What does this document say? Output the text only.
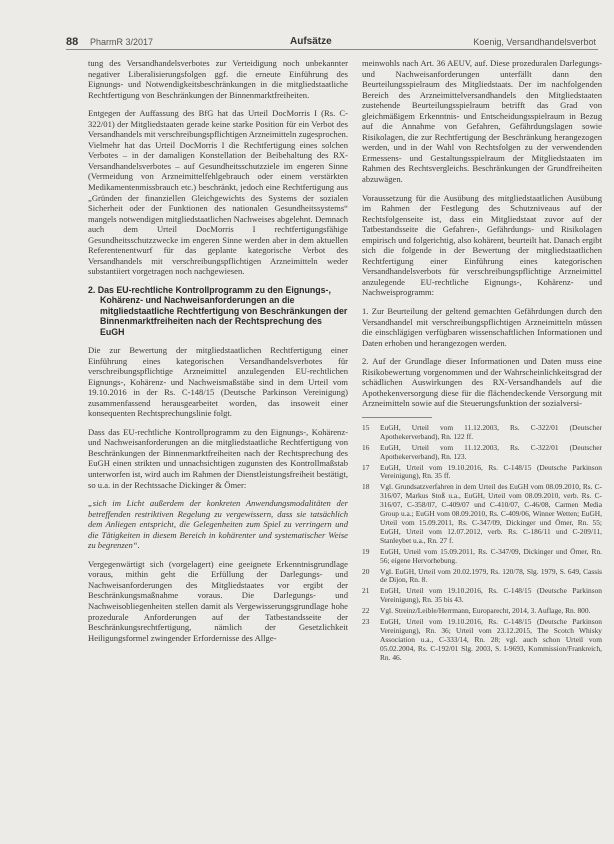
88 PharmR 3/2017	Aufsätze	Koenig, Versandhandelsverbot

tung des Versandhandelsverbotes zur Verteidigung noch unbekannter negativer Liberalisierungsfolgen ggf. die erneute Einführung des Eignungs- und Notwendigkeitsbeschränkungen in die mitgliedstaatliche Rechtfertigung von Beschränkungen der Binnenmarktfreiheiten.

Entgegen der Auffassung des BfG hat das Urteil DocMorris I (Rs. C-322/01) der Mitgliedstaaten gerade keine starke Position für ein Verbot des Versandhandels mit verschreibungspflichtigen Arzneimitteln zugesprochen. Vielmehr hat das Urteil DocMorris I die Rechtfertigung eines solchen Verbotes – in der damaligen Konstellation der Beibehaltung des RX-Versandhandelsverbotes – auf Gesundheitsschutzziele im engeren Sinne (Vermeidung von Arzneimittelfehlgebrauch oder einem verstärkten Medikamentenmissbrauch etc.) beschränkt, jedoch eine Rechtfertigung aus „Gründen der finanziellen Gleichgewichts des Systems der sozialen Sicherheit oder der Funktionen des nationalen Gesundheitssystems“ mangels notwendigen mitgliedstaatlichen Nachweises abgelehnt. Demnach auch dem Urteil DocMorris I rechtfertigungsfähige Gesundheitsschutzzwecke im engeren Sinne werden aber in dem aktuellen Referentenentwurf für das geplante kategorische Verbot des Versandhandels mit verschreibungspflichtigen Arzneimitteln weder substantiiert vorgetragen noch nachgewiesen.

2. Das EU-rechtliche Kontrollprogramm zu den Eignungs-, Kohärenz- und Nachweisanforderungen an die mitgliedstaatliche Rechtfertigung von Beschränkungen der Binnenmarktfreiheiten nach der Rechtsprechung des EuGH

Die zur Bewertung der mitgliedstaatlichen Rechtfertigung einer Einführung eines kategorischen Versandhandelsverbotes für verschreibungspflichtige Arzneimittel anzulegenden EU-rechtlichen Eignungs-, Kohärenz- und Nachweismaßstäbe sind in dem Urteil vom 19.10.2016 in der Rs. C-148/15 (Deutsche Parkinson Vereinigung) zusammenfassend herausgearbeitet worden, das insoweit einer konsequenten Rechtsprechungslinie folgt.

Dass das EU-rechtliche Kontrollprogramm zu den Eignungs-, Kohärenz- und Nachweisanforderungen an die mitgliedstaatliche Rechtfertigung von Beschränkungen der Binnenmarktfreiheiten nach der Rechtsprechung des EuGH einen strikten und unnachsichtigen zugunsten des Kontrollmaßstab unterworfen ist, wird auch im Rahmen der Dienstleistungsfreiheit bestätigt, so u.a. in der Rechtssache Dickinger & Ömer:

„sich im Licht außerdem der konkreten Anwendungsmodalitäten der betreffenden restriktiven Regelung zu vergewissern, dass sie tatsächlich dem Anliegen entspricht, die Gelegenheiten zum Spiel zu verringern und die Tätigkeiten in diesem Bereich in kohärenter und systematischer Weise zu begrenzen“.

Vergegenwärtigt sich (vorgelagert) eine geeignete Erkenntnisgrundlage voraus, mithin geht die Erfüllung der Darlegungs- und Nachweisanforderungen des Mitgliedstaates vor ergibt der Beschränkungsmaßnahme voraus. Die Darlegungs- und Nachweisobliegenheiten stellen damit als Vergewisserungsgrundlage hohe prozedurale Anforderungen auf der Tatbestandsseite der Beschränkungsrechtfertigung, nämlich der Gesetzlichkeit Heiligungsformel zwingender Erfordernisse des Allge-

meinwohls nach Art. 36 AEUV, auf. Diese prozeduralen Darlegungs- und Nachweisanforderungen unterfällt dann den Beurteilungsspielraum des Mitgliedstaats. Der im nachfolgenden Bereich des Arzneimittelversandhandels den Mitgliedstaaten zustehende Beurteilungsspielraum betrifft das Grad von gleichmäßigem Erkenntnis- und Entscheidungsspielraum in Bezug auf die Annahme von Gefahren, Gefährdungslagen sowie Risikolagen, die zur Rechtfertigung der Beschränkung herangezogen werden, und in der Wahl von Rechtsfolgen zu der verwendenden Ermessens- und Gestaltungsspielraum der Mitgliedstaaten im Rahmen des Rechtsvergleichs. Beschränkungen der Grundfreiheiten abzuwägen.

Voraussetzung für die Ausübung des mitgliedstaatlichen Ausübung im Rahmen der Festlegung des Schutzniveaus auf der Rechtsfolgenseite ist, dass ein Mitgliedstaat zuvor auf der Tatbestandsseite die Gefahren-, Gefährdungs- und Risikolagen empirisch und folgerichtig, also kohärent, beurteilt hat. Danach ergibt sich die folgende in der Bewertung der mitgliedstaatlichen Rechtfertigung einer Einführung eines kategorischen Versandhandelsverbots für verschreibungspflichtige Arzneimittel anzulegende EU-rechtliche Eignungs-, Kohärenz- und Nachweisprogramm:

1. Zur Beurteilung der geltend gemachten Gefährdungen durch den Versandhandel mit verschreibungspflichtigen Arzneimitteln müssen die einschlägigen verfügbaren wissenschaftlichen Informationen und Daten erhoben und herangezogen werden.

2. Auf der Grundlage dieser Informationen und Daten muss eine Risikobewertung vorgenommen und der Wahrscheinlichkeitsgrad der schädlichen Auswirkungen des RX-Versandhandels auf die Apothekenversorgung diese für die flächendeckende Versorgung mit Arzneimitteln sowie auf die Steuerungsfunktion der sozialversi-

15	EuGH, Urteil vom 11.12.2003, Rs. C-322/01 (Deutscher Apothekerverband), Rn. 122 ff.
16	EuGH, Urteil vom 11.12.2003, Rs. C-322/01 (Deutscher Apothekerverband), Rn. 123.
17	EuGH, Urteil vom 19.10.2016, Rs. C-148/15 (Deutsche Parkinson Vereinigung), Rn. 35 ff.
18	Vgl. Grundsatzverfahren in dem Urteil des EuGH vom 08.09.2010, Rs. C-316/07, Markus Stoß u.a., EuGH, Urteil vom 08.09.2010, verb. Rs. C-316/07, C-358/07, C-409/07 und C-410/07, C-46/08, Carmen Media Group u.a.; EuGH vom 08.09.2010, Rs. C-409/06, Winner Wetten; EuGH, Urteil vom 15.09.2011, Rs. C-347/09, Dickinger und Ömer, Rn. 55; EuGH, Urteil vom 12.07.2012, verb. Rs. C-186/11 und C-209/11, Stanleybet u.a., Rn. 27 f.
19	EuGH, Urteil vom 15.09.2011, Rs. C-347/09, Dickinger und Ömer, Rn. 56; eigene Hervorhebung.
20	Vgl. EuGH, Urteil vom 20.02.1979, Rs. 120/78, Slg. 1979, S. 649, Cassis de Dijon, Rn. 8.
21	EuGH, Urteil vom 19.10.2016, Rs. C-148/15 (Deutsche Parkinson Vereinigung), Rn. 35 bis 43.
22	Vgl. Streinz/Leible/Herrmann, Europarecht, 2014, 3. Auflage, Rn. 800.
23	EuGH, Urteil vom 19.10.2016, Rs. C-148/15 (Deutsche Parkinson Vereinigung), Rn. 36; Urteil vom 23.12.2015, The Scotch Whisky Association u.a., C-333/14, Rn. 28; vgl. auch schon Urteil vom 05.02.2004, Rs. C-192/01 Slg. 2003, S. I-9693, Kommission/Frankreich, Rn. 46.
